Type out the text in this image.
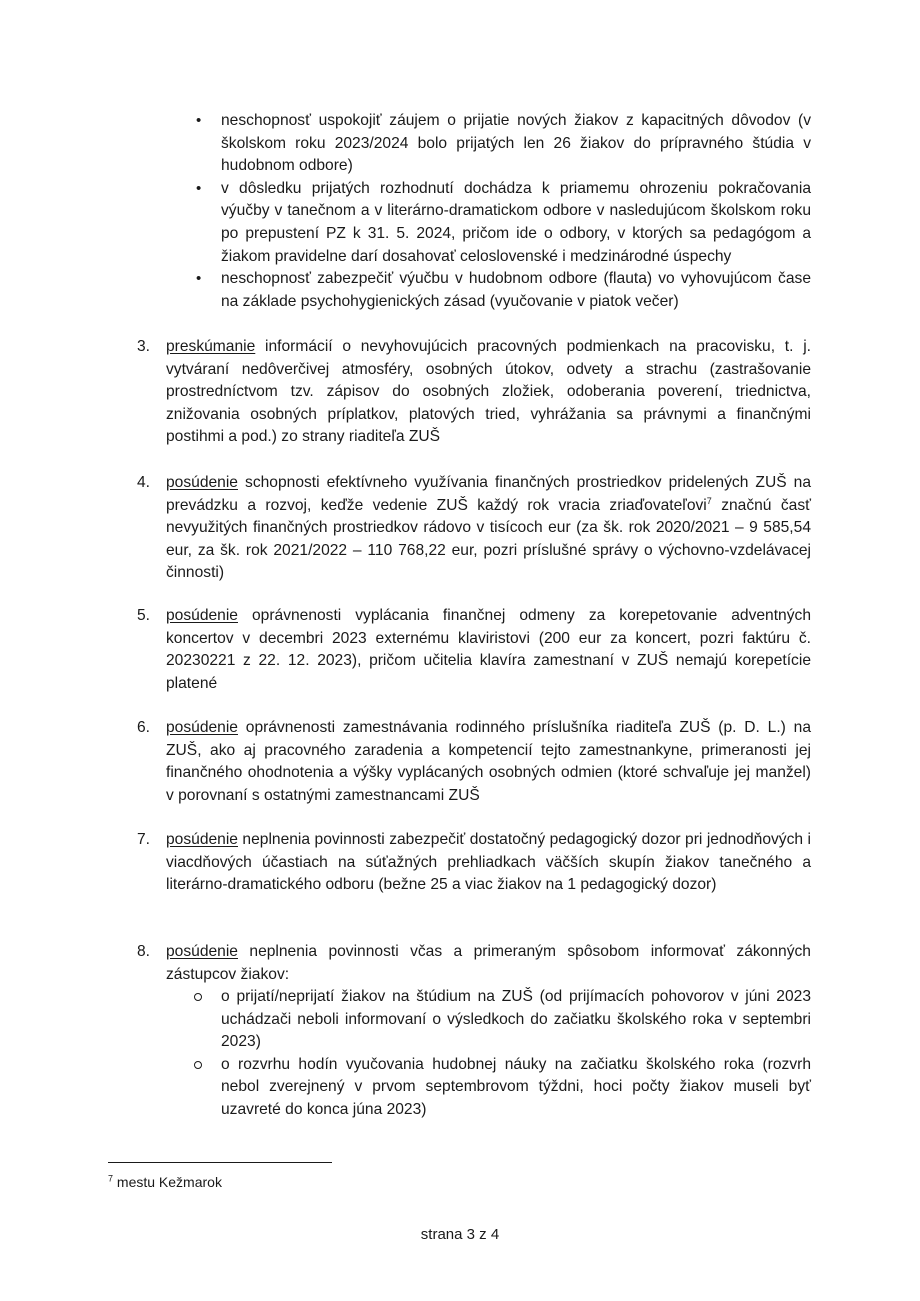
• neschopnosť uspokojiť záujem o prijatie nových žiakov z kapacitných dôvodov (v školskom roku 2023/2024 bolo prijatých len 26 žiakov do prípravného štúdia v hudobnom odbore)
• v dôsledku prijatých rozhodnutí dochádza k priamemu ohrozeniu pokračovania výučby v tanečnom a v literárno-dramatickom odbore v nasledujúcom školskom roku po prepustení PZ k 31. 5. 2024, pričom ide o odbory, v ktorých sa pedagógom a žiakom pravidelne darí dosahovať celoslovenské i medzinárodné úspechy
• neschopnosť zabezpečiť výučbu v hudobnom odbore (flauta) vo vyhovujúcom čase na základe psychohygienických zásad (vyučovanie v piatok večer)
3.	preskúmanie informácií o nevyhovujúcich pracovných podmienkach na pracovisku, t. j. vytváraní nedôverčivej atmosféry, osobných útokov, odvety a strachu (zastrašovanie prostredníctvom tzv. zápisov do osobných zložiek, odoberania poverení, triednictva, znižovania osobných príplatkov, platových tried, vyhrážania sa právnymi a finančnými postihmi a pod.) zo strany riaditeľa ZUŠ
4.	posúdenie schopnosti efektívneho využívania finančných prostriedkov pridelených ZUŠ na prevádzku a rozvoj, keďže vedenie ZUŠ každý rok vracia zriaďovateľovi$^7$ značnú časť nevyužitých finančných prostriedkov rádovo v tisícoch eur (za šk. rok 2020/2021 – 9 585,54 eur, za šk. rok 2021/2022 – 110 768,22 eur, pozri príslušné správy o výchovno-vzdelávacej činnosti)
5.	posúdenie oprávnenosti vyplácania finančnej odmeny za korepetovanie adventných koncertov v decembri 2023 externému klaviristovi (200 eur za koncert, pozri faktúru č. 20230221 z 22. 12. 2023), pričom učitelia klavíra zamestnaní v ZUŠ nemajú korepetície platené
6.	posúdenie oprávnenosti zamestnávania rodinného príslušníka riaditeľa ZUŠ (p. D. L.) na ZUŠ, ako aj pracovného zaradenia a kompetencií tejto zamestnankyne, primeranosti jej finančného ohodnotenia a výšky vyplácaných osobných odmien (ktoré schvaľuje jej manžel) v porovnaní s ostatnými zamestnancami ZUŠ
7.	posúdenie neplnenia povinnosti zabezpečiť dostatočný pedagogický dozor pri jednodňových i viacdňových účastiach na súťažných prehliadkach väčších skupín žiakov tanečného a literárno-dramatického odboru (bežne 25 a viac žiakov na 1 pedagogický dozor)
8.	posúdenie neplnenia povinnosti včas a primeraným spôsobom informovať zákonných zástupcov žiakov:
o prijatí/neprijatí žiakov na štúdium na ZUŠ (od prijímacích pohovorov v júni 2023 uchádzači neboli informovaní o výsledkoch do začiatku školského roka v septembri 2023)
o rozvrhu hodín vyučovania hudobnej náuky na začiatku školského roka (rozvrh nebol zverejnený v prvom septembrovom týždni, hoci počty žiakov museli byť uzavreté do konca júna 2023)
$^7$ mestu Kežmarok
strana 3 z 4
